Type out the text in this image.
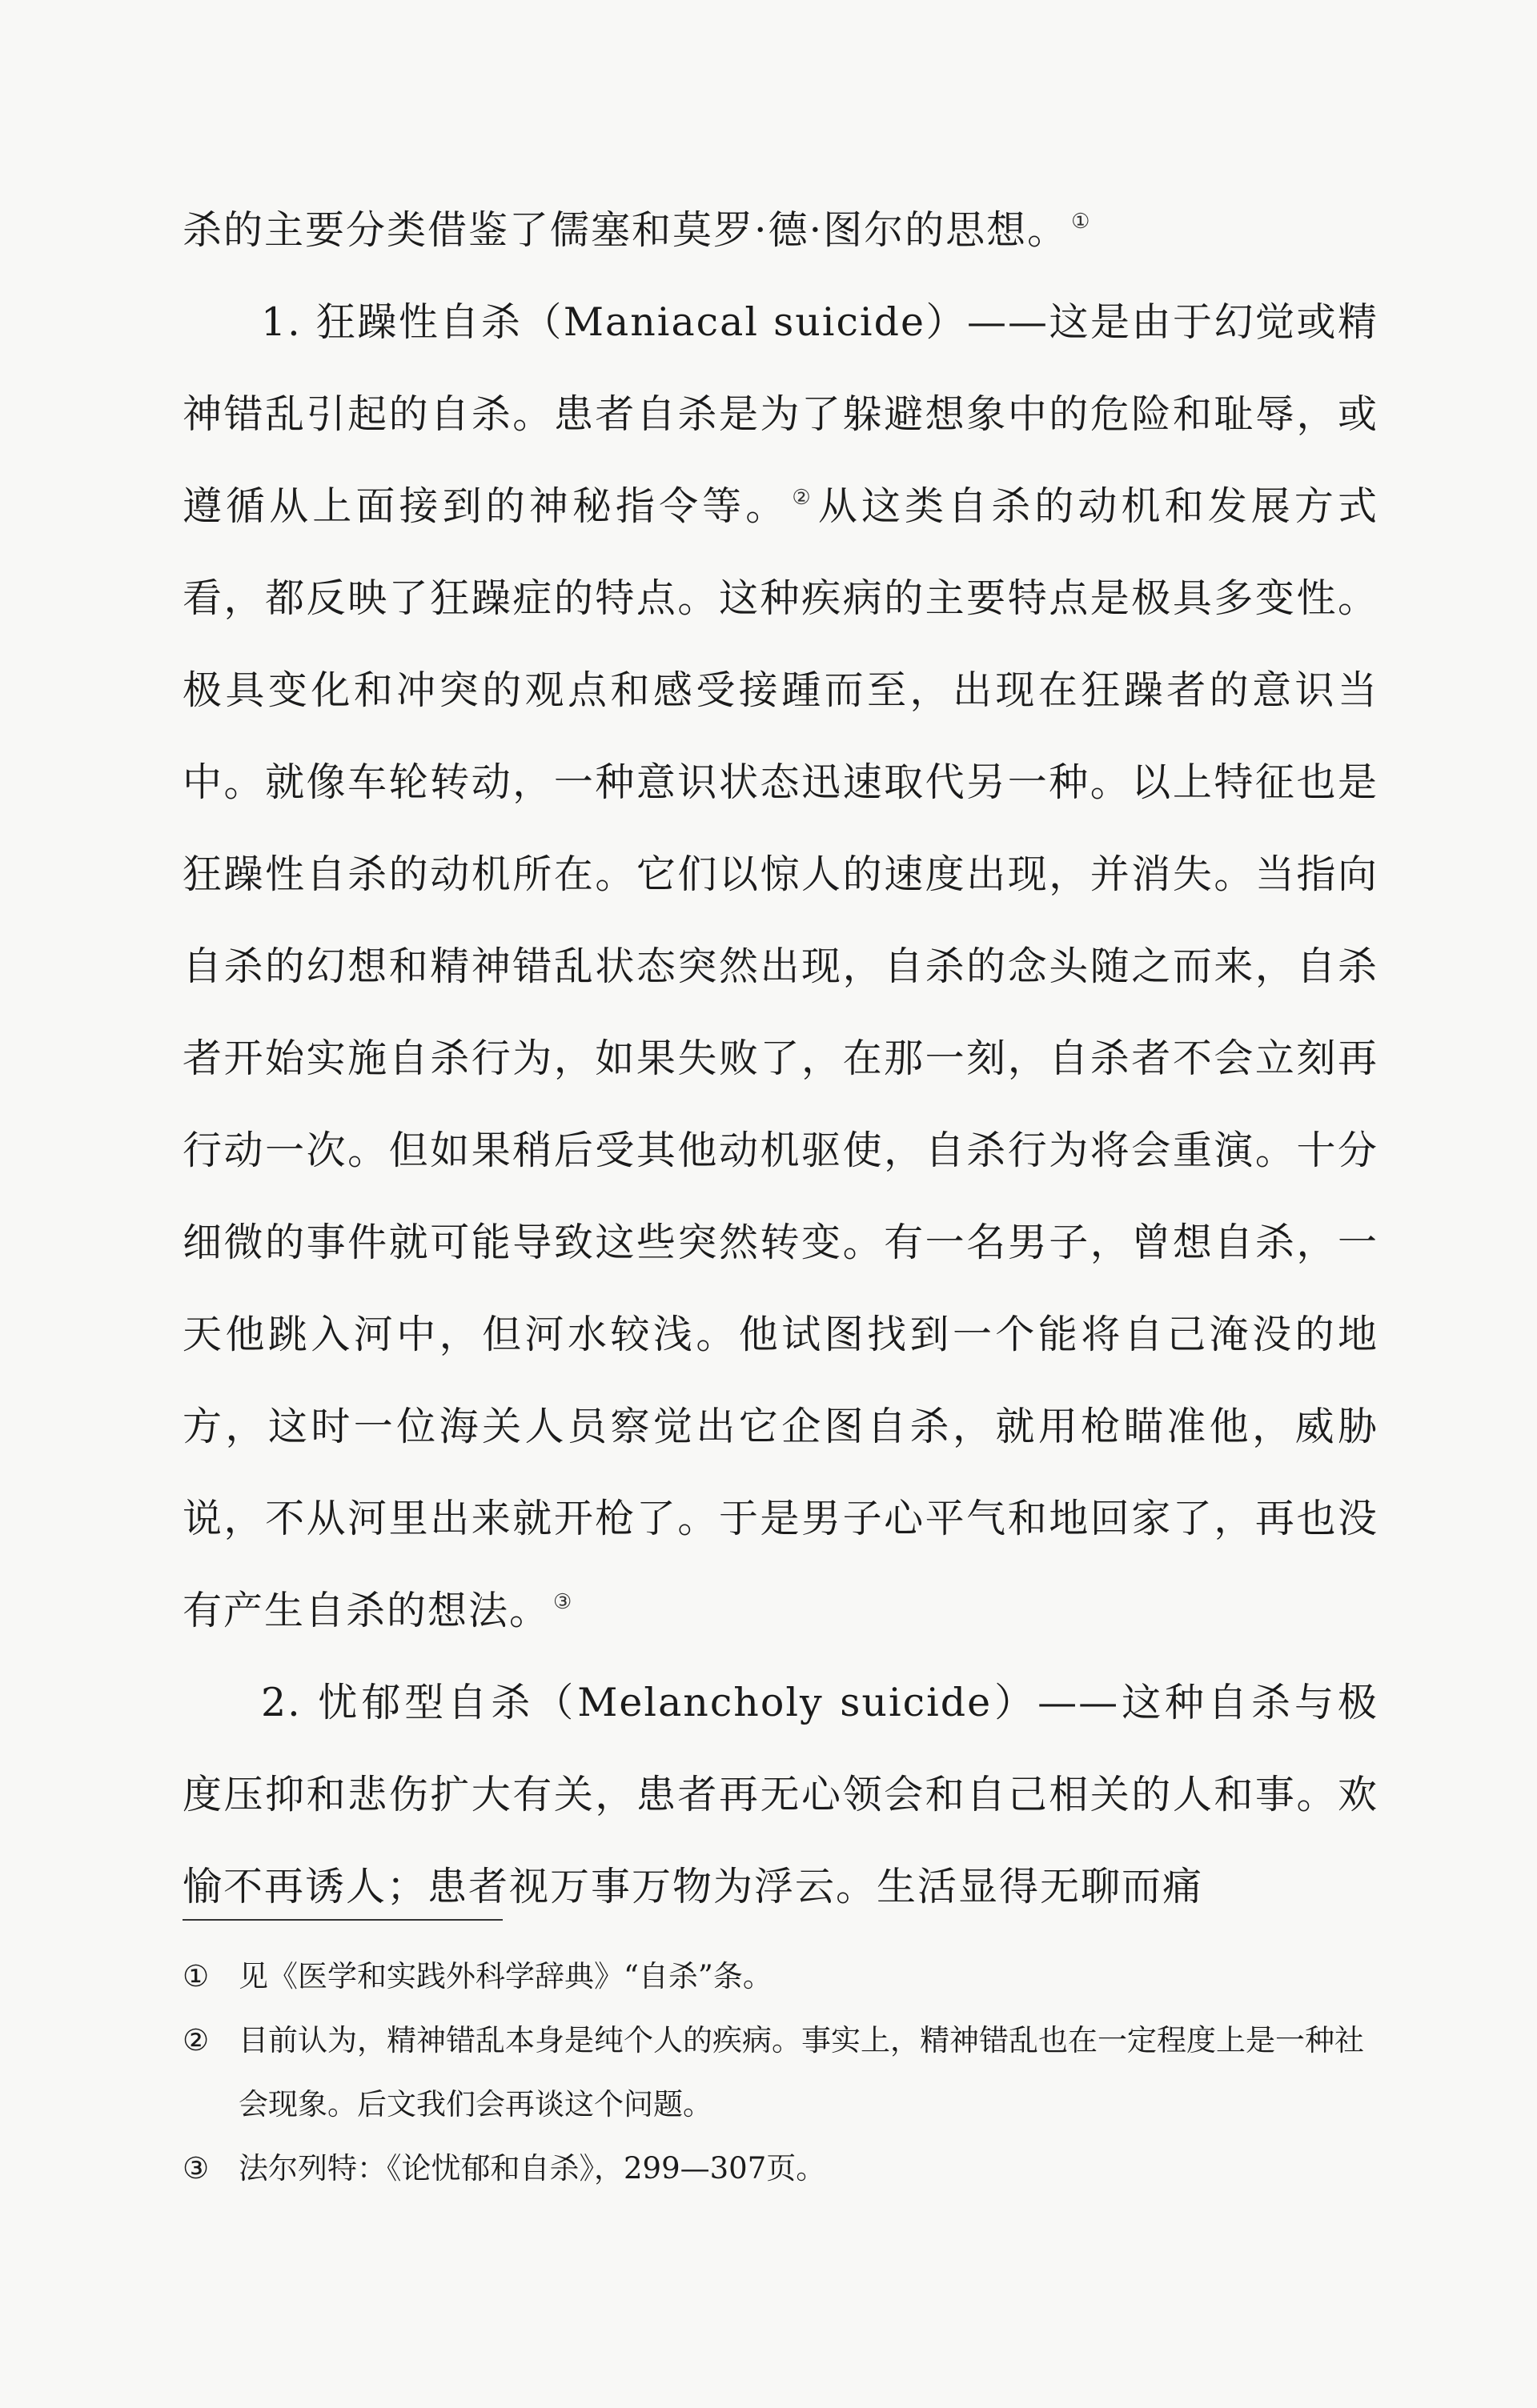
杀的主要分类借鉴了儒塞和莫罗·德·图尔的思想。 ①

1. 狂躁性自杀（Maniacal suicide）——这是由于幻觉或精神错乱引起的自杀。患者自杀是为了躲避想象中的危险和耻辱，或遵循从上面接到的神秘指令等。 ②从这类自杀的动机和发展方式看，都反映了狂躁症的特点。这种疾病的主要特点是极具多变性。极具变化和冲突的观点和感受接踵而至，出现在狂躁者的意识当中。就像车轮转动，一种意识状态迅速取代另一种。以上特征也是狂躁性自杀的动机所在。它们以惊人的速度出现，并消失。当指向自杀的幻想和精神错乱状态突然出现，自杀的念头随之而来，自杀者开始实施自杀行为，如果失败了，在那一刻，自杀者不会立刻再行动一次。但如果稍后受其他动机驱使，自杀行为将会重演。十分细微的事件就可能导致这些突然转变。有一名男子，曾想自杀，一天他跳入河中，但河水较浅。他试图找到一个能将自己淹没的地方，这时一位海关人员察觉出它企图自杀，就用枪瞄准他，威胁说，不从河里出来就开枪了。于是男子心平气和地回家了，再也没有产生自杀的想法。 ③

2. 忧郁型自杀（Melancholy suicide）——这种自杀与极度压抑和悲伤扩大有关，患者再无心领会和自己相关的人和事。欢愉不再诱人；患者视万事万物为浮云。生活显得无聊而痛

① 见《医学和实践外科学辞典》“自杀”条。
② 目前认为，精神错乱本身是纯个人的疾病。事实上，精神错乱也在一定程度上是一种社会现象。后文我们会再谈这个问题。
③ 法尔列特：《论忧郁和自杀》，299—307页。
